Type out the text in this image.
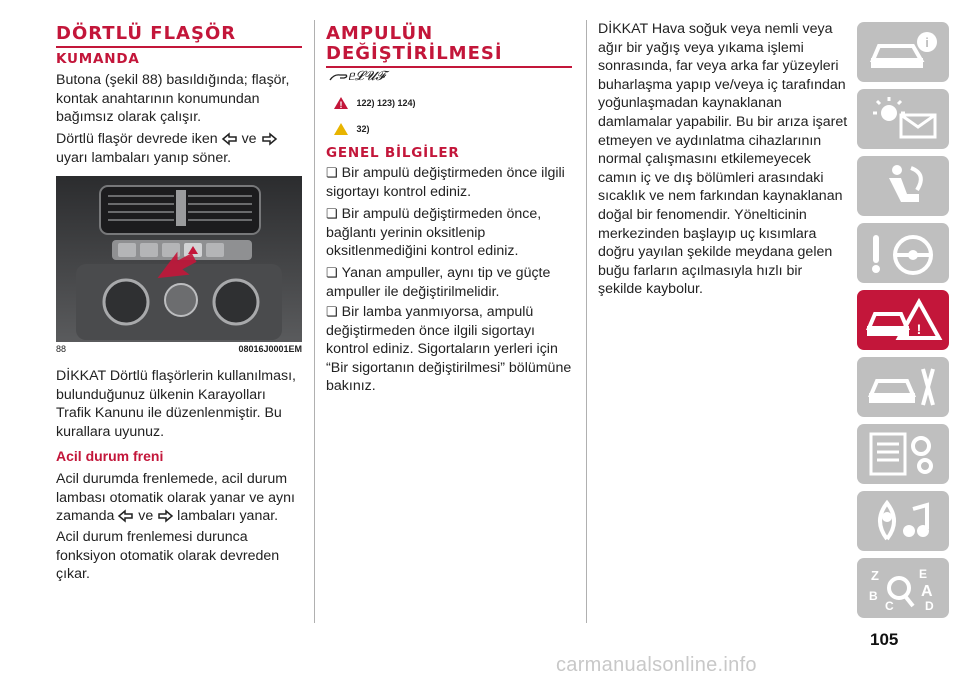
DÖRTLÜ FLAŞÖR
KUMANDA

Butona (şekil 88) basıldığında; flaşör, kontak anahtarının konumundan bağımsız olarak çalışır.

Dörtlü flaşör devrede iken ve  uyarı lambaları yanıp söner.

88	08016J0001EM

DİKKAT Dörtlü flaşörlerin kullanılması, bulunduğunuz ülkenin Karayolları Trafik Kanunu ile düzenlenmiştir. Bu kurallara uyunuz.

Acil durum freni

Acil durumda frenlemede, acil durum lambası otomatik olarak yanar ve aynı

zamanda ve lambaları yanar.

Acil durum frenlemesi durunca fonksiyon otomatik olarak devreden çıkar.

AMPULÜN DEĞİŞTİRİLMESİ
ᥱ𝓛𝓤𝓕
! 122) 123) 124)
32)
GENEL BİLGİLER

❏ Bir ampulü değiştirmeden önce ilgili sigortayı kontrol ediniz.

❏ Bir ampulü değiştirmeden önce, bağlantı yerinin oksitlenip oksitlenmediğini kontrol ediniz.

❏ Yanan ampuller, aynı tip ve güçte ampuller ile değiştirilmelidir.

❏ Bir lamba yanmıyorsa, ampulü değiştirmeden önce ilgili sigortayı kontrol ediniz. Sigortaların yerleri için “Bir sigortanın değiştirilmesi” bölümüne bakınız.

DİKKAT Hava soğuk veya nemli veya ağır bir yağış veya yıkama işlemi sonrasında, far veya arka far yüzeyleri buharlaşma yapıp ve/veya iç tarafından yoğunlaşmadan kaynaklanan damlamalar yapabilir. Bu bir arıza işaret etmeyen ve aydınlatma cihazlarının normal çalışmasını etkilemeyecek camın iç ve dış bölümleri arasındaki sıcaklık ve nem farkından kaynaklanan doğal bir fenomendir. Yönelticinin merkezinden başlayıp uç kısımlara doğru yayılan şekilde meydana gelen buğu farların açılmasıyla hızlı bir şekilde kaybolur.

i
!
Z	E
B	A
C	D
105
carmanualsonline.info
